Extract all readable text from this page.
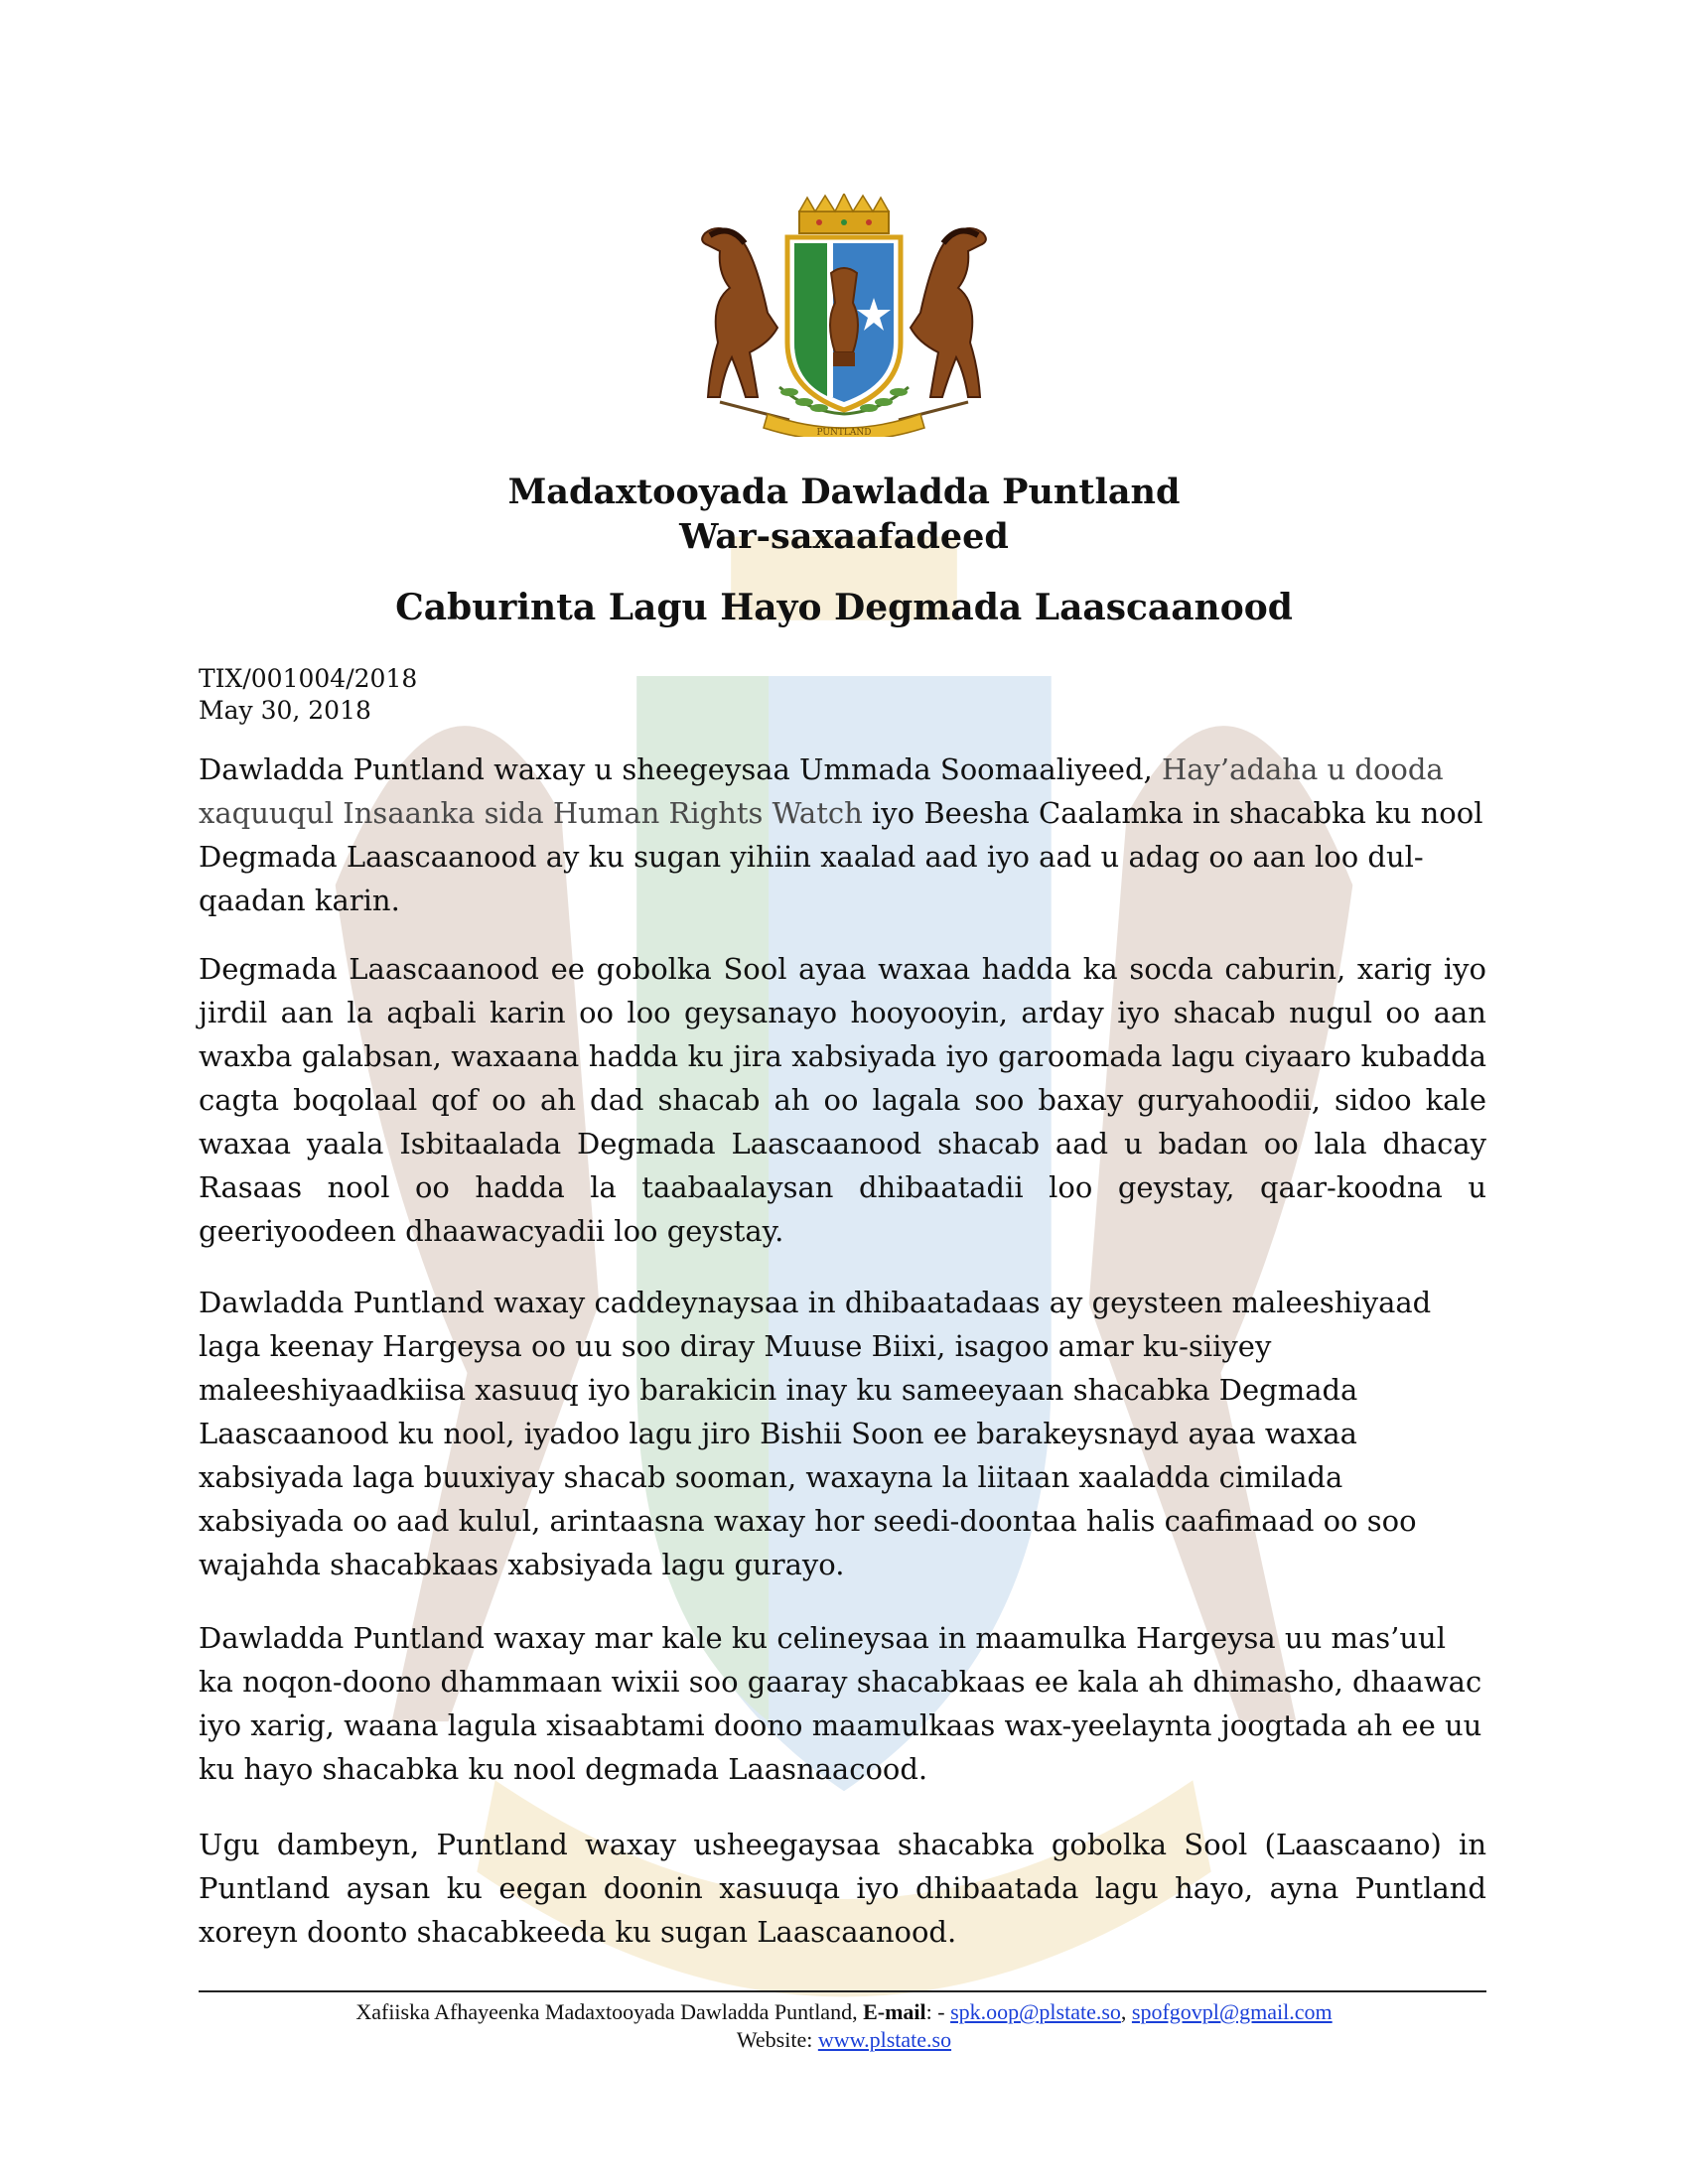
PUNTLAND
Madaxtooyada Dawladda Puntland
War-saxaafadeed
Caburinta Lagu Hayo Degmada Laascaanood
TIX/001004/2018
May 30, 2018

Dawladda Puntland waxay u sheegeysaa Ummada Soomaaliyeed, Hay’adaha u dooda xaquuqul Insaanka sida Human Rights Watch iyo Beesha Caalamka in shacabka ku nool Degmada Laascaanood ay ku sugan yihiin xaalad aad iyo aad u adag oo aan loo dul-qaadan karin.

Degmada Laascaanood ee gobolka Sool ayaa waxaa hadda ka socda caburin, xarig iyo jirdil aan la aqbali karin oo loo geysanayo hooyooyin, arday iyo shacab nugul oo aan waxba galabsan, waxaana hadda ku jira xabsiyada iyo garoomada lagu ciyaaro kubadda cagta boqolaal qof oo ah dad shacab ah oo lagala soo baxay guryahoodii, sidoo kale waxaa yaala Isbitaalada Degmada Laascaanood shacab aad u badan oo lala dhacay Rasaas nool oo hadda la taabaalaysan dhibaatadii loo geystay, qaar-koodna u geeriyoodeen dhaawacyadii loo geystay.

Dawladda Puntland waxay caddeynaysaa in dhibaatadaas ay geysteen maleeshiyaad laga keenay Hargeysa oo uu soo diray Muuse Biixi, isagoo amar ku-siiyey maleeshiyaadkiisa xasuuq iyo barakicin inay ku sameeyaan shacabka Degmada Laascaanood ku nool, iyadoo lagu jiro Bishii Soon ee barakeysnayd ayaa waxaa xabsiyada laga buuxiyay shacab sooman, waxayna la liitaan xaaladda cimilada xabsiyada oo aad kulul, arintaasna waxay hor seedi-doontaa halis caafimaad oo soo wajahda shacabkaas xabsiyada lagu gurayo.

Dawladda Puntland waxay mar kale ku celineysaa in maamulka Hargeysa uu mas’uul ka noqon-doono dhammaan wixii soo gaaray shacabkaas ee kala ah dhimasho, dhaawac iyo xarig, waana lagula xisaabtami doono maamulkaas wax-yeelaynta joogtada ah ee uu ku hayo shacabka ku nool degmada Laasnaacood.

Ugu dambeyn, Puntland waxay usheegaysaa shacabka gobolka Sool (Laascaano) in Puntland aysan ku eegan doonin xasuuqa iyo dhibaatada lagu hayo, ayna Puntland xoreyn doonto shacabkeeda ku sugan Laascaanood.

Xafiiska Afhayeenka Madaxtooyada Dawladda Puntland, E-mail: - spk.oop@plstate.so, spofgovpl@gmail.com
Website: www.plstate.so
